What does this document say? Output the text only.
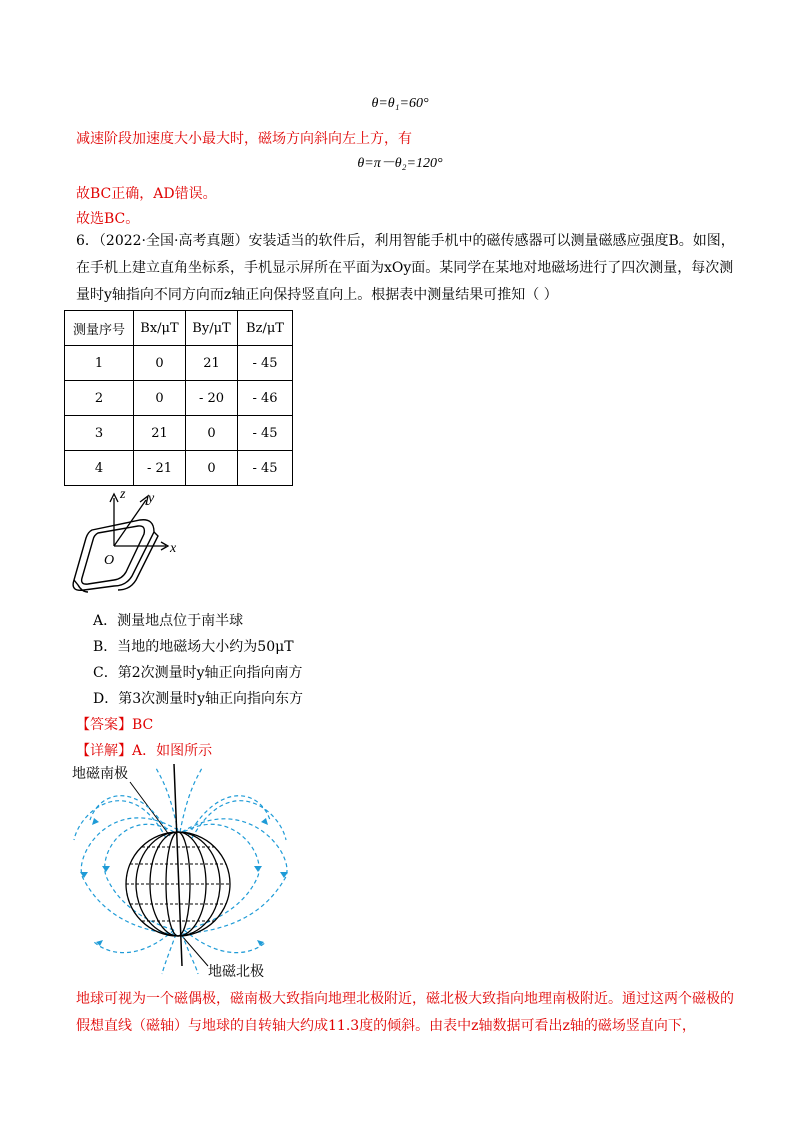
θ=θ₁=60°
减速阶段加速度大小最大时，磁场方向斜向左上方，有
θ=π－θ₂=120°
故BC正确，AD错误。
故选BC。
6．（2022·全国·高考真题）安装适当的软件后，利用智能手机中的磁传感器可以测量磁感应强度B。如图，在手机上建立直角坐标系，手机显示屏所在平面为xOy面。某同学在某地对地磁场进行了四次测量，每次测量时y轴指向不同方向而z轴正向保持竖直向上。根据表中测量结果可推知（ ）
测量序号	Bx/μT	By/μT	Bz/μT
1	0	21	- 45
2	0	- 20	- 46
3	21	0	- 45
4	- 21	0	- 45
z y
x
O
A．测量地点位于南半球
B．当地的地磁场大小约为50μT
C．第2次测量时y轴正向指向南方
D．第3次测量时y轴正向指向东方
【答案】BC
【详解】A．如图所示
地磁南极
地磁北极
地球可视为一个磁偶极，磁南极大致指向地理北极附近，磁北极大致指向地理南极附近。通过这两个磁极的假想直线（磁轴）与地球的自转轴大约成11.3度的倾斜。由表中z轴数据可看出z轴的磁场竖直向下，
